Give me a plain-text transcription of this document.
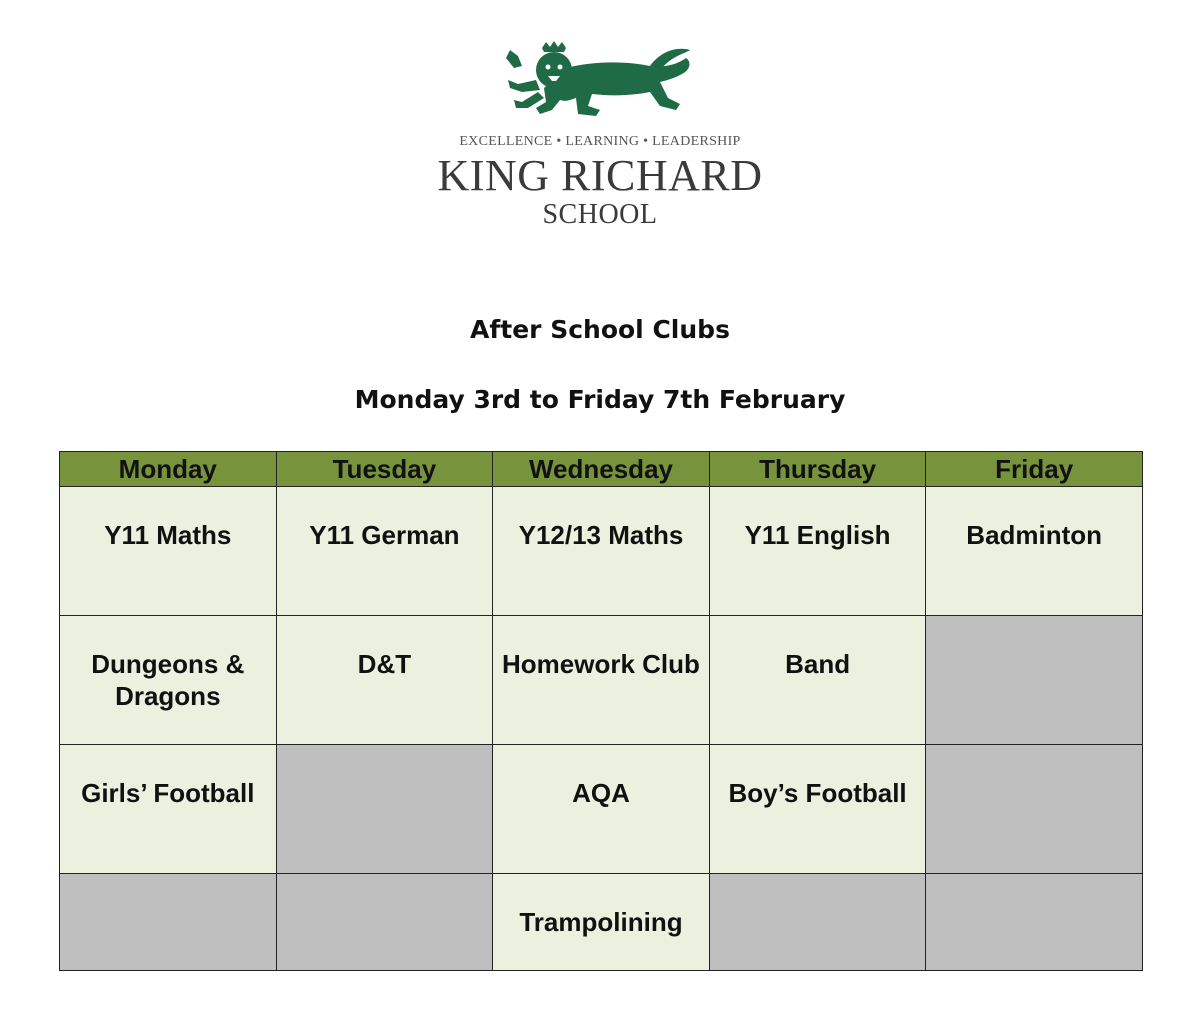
EXCELLENCE • LEARNING • LEADERSHIP
KING RICHARD
SCHOOL
After School Clubs
Monday 3rd to Friday 7th February
Monday	Tuesday	Wednesday	Thursday	Friday
Y11 Maths	Y11 German	Y12/13 Maths	Y11 English	Badminton
Dungeons & Dragons	D&T	Homework Club	Band	
Girls’ Football		AQA	Boy’s Football	
		Trampolining		
